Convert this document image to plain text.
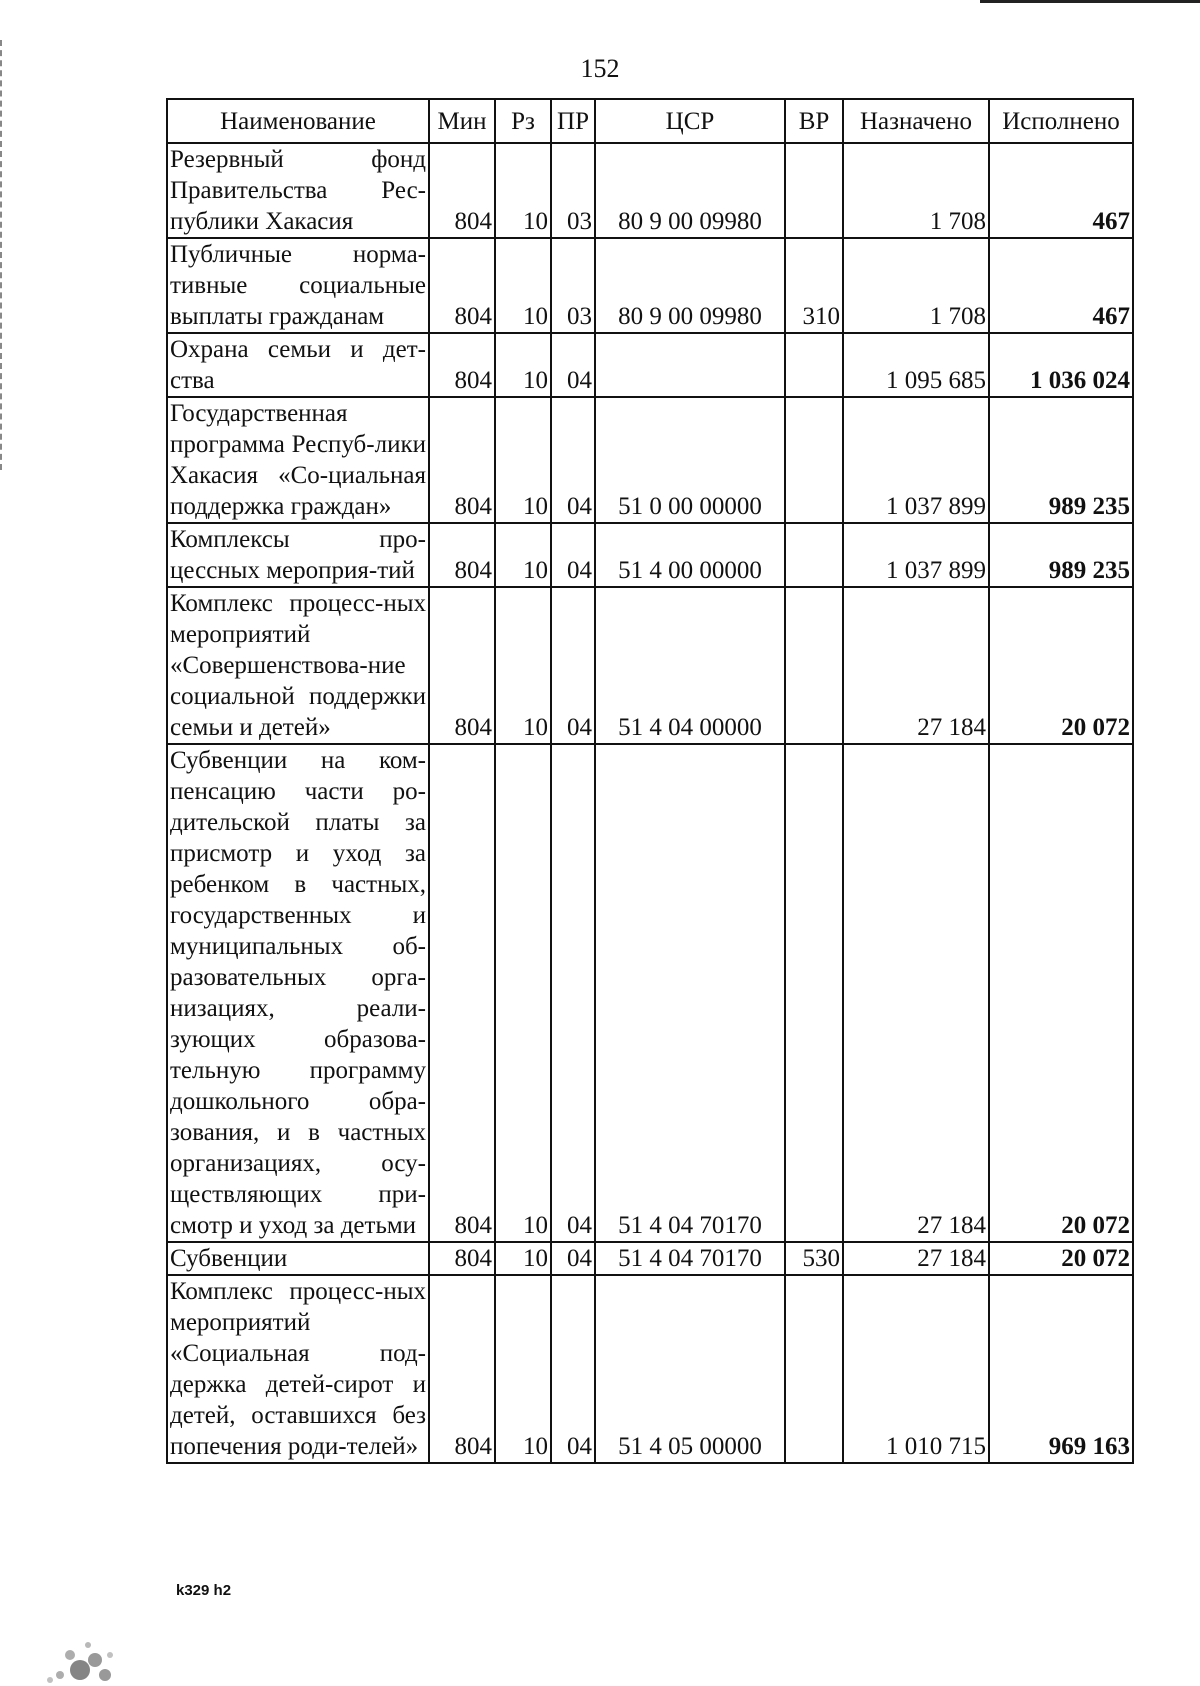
152
Наименование	Мин	Рз	ПР	ЦСР	ВР	Назначено	Исполнено
Резервный фонд Правительства Рес-публики Хакасия	804	10	03	80 9 00 09980		1 708	467
Публичные норма-тивные социальные выплаты гражданам	804	10	03	80 9 00 09980	310	1 708	467
Охрана семьи и дет-ства	804	10	04			1 095 685	1 036 024
Государственная программа Респуб-лики Хакасия «Со-циальная поддержка граждан»	804	10	04	51 0 00 00000		1 037 899	989 235
Комплексы про-цессных мероприя-тий	804	10	04	51 4 00 00000		1 037 899	989 235
Комплекс процесс-ных мероприятий «Совершенствова-ние социальной поддержки семьи и детей»	804	10	04	51 4 04 00000		27 184	20 072
Субвенции на ком-пенсацию части ро-дительской платы за присмотр и уход за ребенком в частных, государственных и муниципальных об-разовательных орга-низациях, реали-зующих образова-тельную программу дошкольного обра-зования, и в частных организациях, осу-ществляющих при-смотр и уход за детьми	804	10	04	51 4 04 70170		27 184	20 072
Субвенции	804	10	04	51 4 04 70170	530	27 184	20 072
Комплекс процесс-ных мероприятий «Социальная под-держка детей-сирот и детей, оставшихся без попечения роди-телей»	804	10	04	51 4 05 00000		1 010 715	969 163
k329 h2
